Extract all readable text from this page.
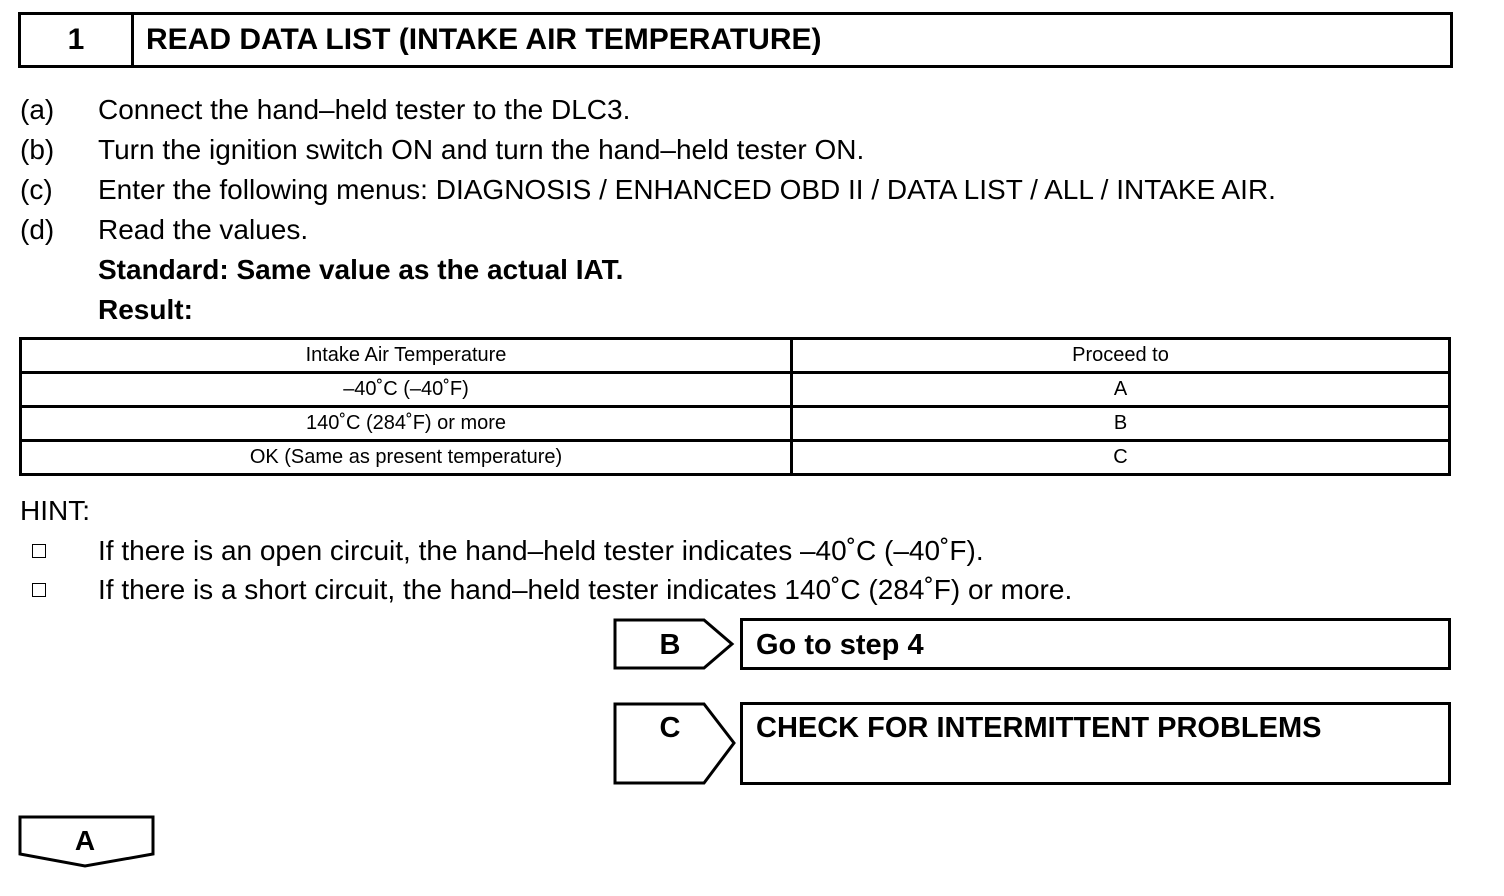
1	READ DATA LIST (INTAKE AIR TEMPERATURE)
(a) Connect the hand–held tester to the DLC3.
(b) Turn the ignition switch ON and turn the hand–held tester ON.
(c) Enter the following menus: DIAGNOSIS / ENHANCED OBD II / DATA LIST / ALL / INTAKE AIR.
(d) Read the values.
Standard: Same value as the actual IAT.
Result:
Intake Air Temperature	Proceed to
–40˚C (–40˚F)	A
140˚C (284˚F) or more	B
OK (Same as present temperature)	C
HINT:
If there is an open circuit, the hand–held tester indicates –40˚C (–40˚F).
If there is a short circuit, the hand–held tester indicates 140˚C (284˚F) or more.
B	Go to step 4
C	CHECK FOR INTERMITTENT PROBLEMS
A
